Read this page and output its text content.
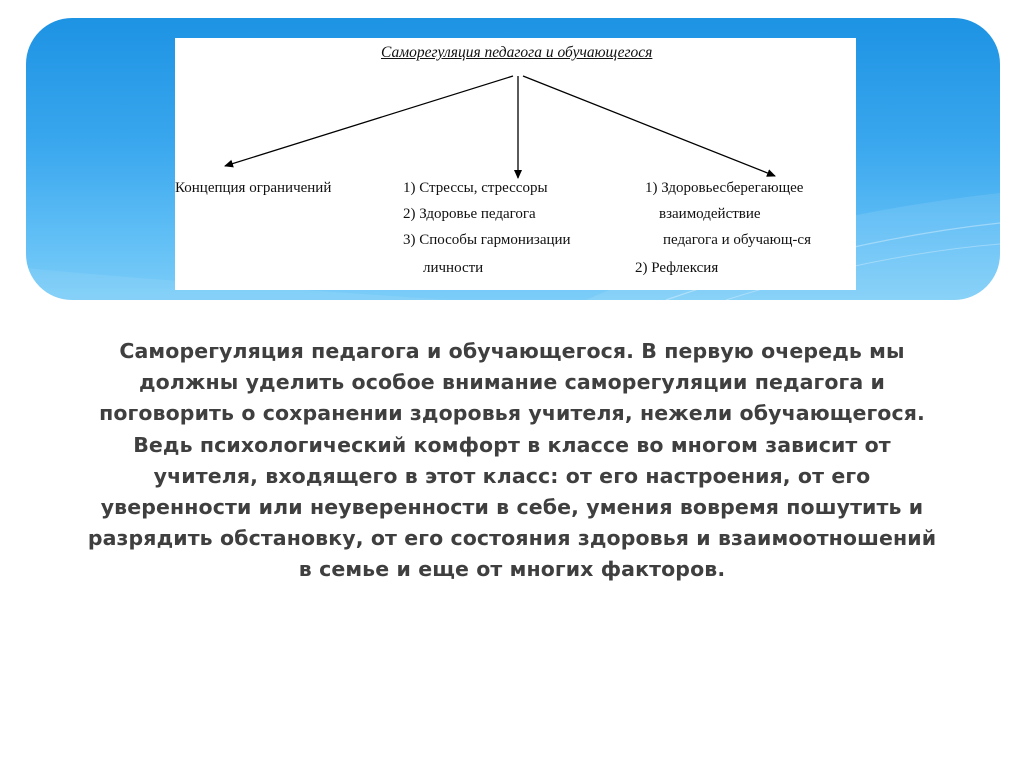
Саморегуляция педагога и обучающегося
Концепция ограничений	1) Стрессы, стрессоры
2) Здоровье педагога
3) Способы гармонизации
личности
1) Здоровьесберегающее
взаимодействие
педагога и обучающ-ся
2) Рефлексия
Саморегуляция педагога и обучающегося. В первую очередь мы должны уделить особое внимание саморегуляции педагога и поговорить о сохранении здоровья учителя, нежели обучающегося. Ведь психологический комфорт в классе во многом зависит от учителя, входящего в этот класс: от его настроения, от его уверенности или неуверенности в себе, умения вовремя пошутить и разрядить обстановку, от его состояния здоровья и взаимоотношений в семье и еще от многих факторов.
